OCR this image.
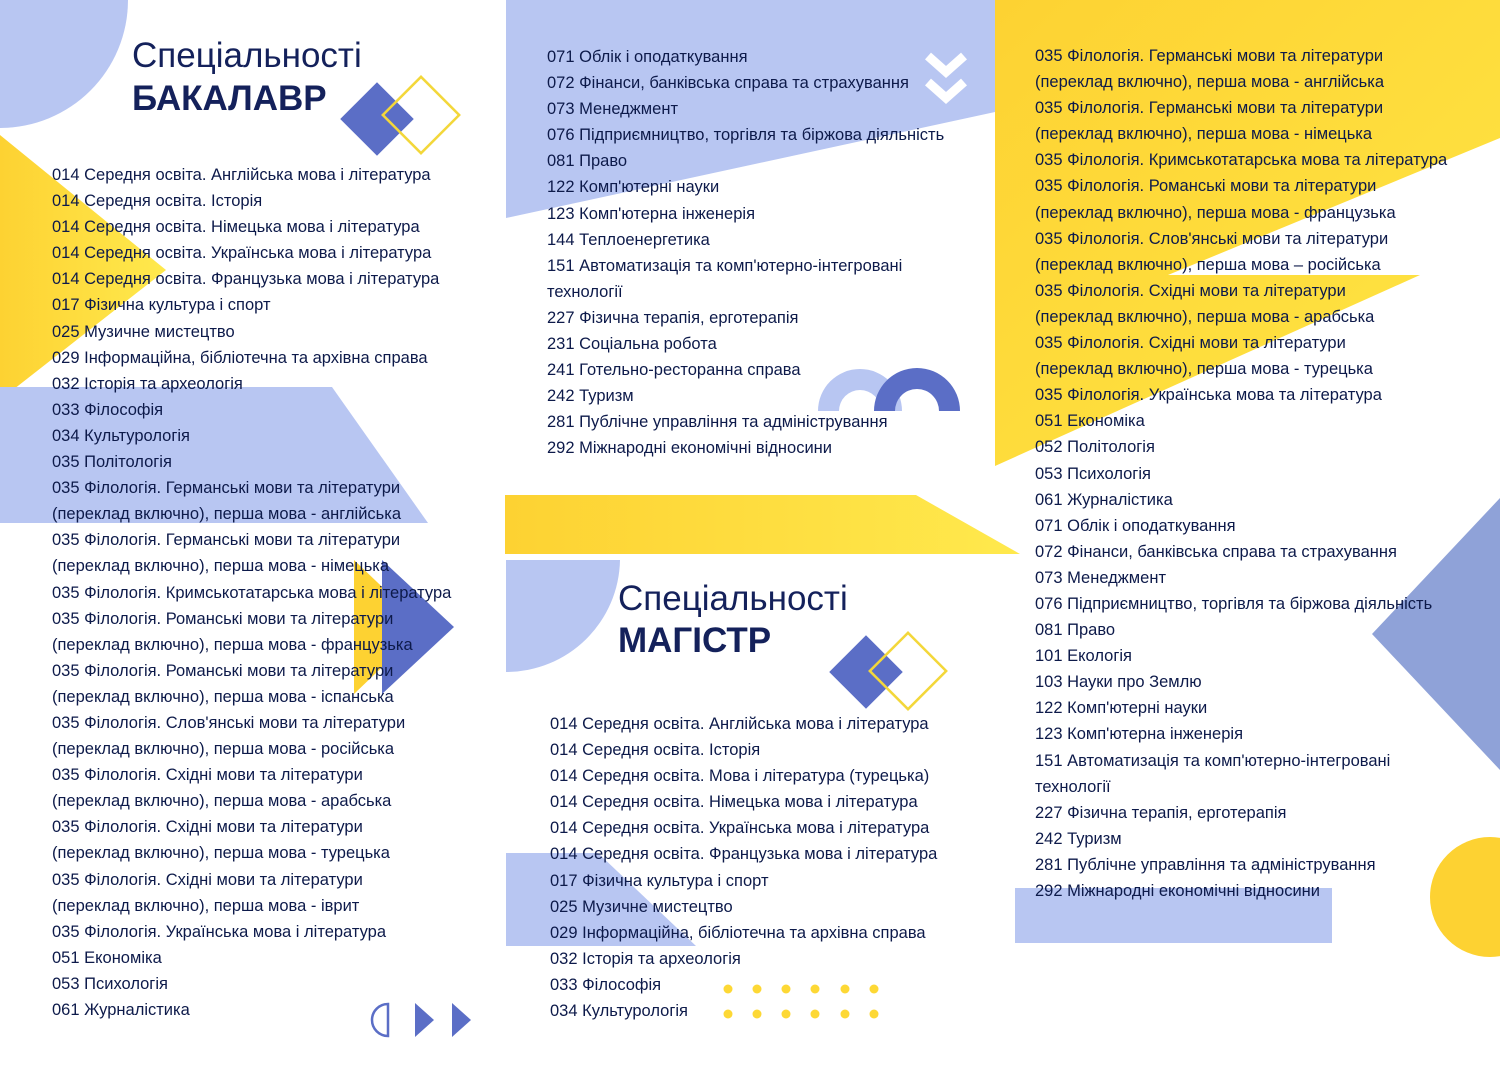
Спеціальності
БАКАЛАВР
014 Середня освіта. Англійська мова і література
014 Середня освіта. Історія
014 Середня освіта. Німецька мова і література
014 Середня освіта. Українська мова і література
014 Середня освіта. Французька мова і література
017 Фізична культура і спорт
025 Музичне мистецтво
029 Інформаційна, бібліотечна та архівна справа
032 Історія та археологія
033 Філософія
034 Культурологія
035 Політологія
035 Філологія. Германські мови та літератури
(переклад включно), перша мова - англійська
035 Філологія. Германські мови та літератури
(переклад включно), перша мова - німецька
035 Філологія. Кримськотатарська мова і література
035 Філологія. Романські мови та літератури
(переклад включно), перша мова - французька
035 Філологія. Романські мови та літератури
(переклад включно), перша мова - іспанська
035 Філологія. Слов'янські мови та літератури
(переклад включно), перша мова - російська
035 Філологія. Східні мови та літератури
(переклад включно), перша мова - арабська
035 Філологія. Східні мови та літератури
(переклад включно), перша мова - турецька
035 Філологія. Східні мови та літератури
(переклад включно), перша мова - іврит
035 Філологія. Українська мова і література
051 Економіка
053 Психологія
061 Журналістика
071 Облік і оподаткування
072 Фінанси, банківська справа та страхування
073 Менеджмент
076 Підприємництво, торгівля та біржова діяльність
081 Право
122 Комп'ютерні науки
123 Комп'ютерна інженерія
144 Теплоенергетика
151 Автоматизація та комп'ютерно-інтегровані
технології
227 Фізична терапія, ерготерапія
231 Соціальна робота
241 Готельно-ресторанна справа
242 Туризм
281 Публічне управління та адміністрування
292 Міжнародні економічні відносини
Спеціальності
МАГІСТР
014 Середня освіта. Англійська мова і література
014 Середня освіта. Історія
014 Середня освіта. Мова і література (турецька)
014 Середня освіта. Німецька мова і література
014 Середня освіта. Українська мова і література
014 Середня освіта. Французька мова і література
017 Фізична культура і спорт
025 Музичне мистецтво
029 Інформаційна, бібліотечна та архівна справа
032 Історія та археологія
033 Філософія
034 Культурологія
035 Філологія. Германські мови та літератури
(переклад включно), перша мова - англійська
035 Філологія. Германські мови та літератури
(переклад включно), перша мова - німецька
035 Філологія. Кримськотатарська мова та література
035 Філологія. Романські мови та літератури
(переклад включно), перша мова - французька
035 Філологія. Слов'янські мови та літератури
(переклад включно), перша мова – російська
035 Філологія. Східні мови та літератури
(переклад включно), перша мова - арабська
035 Філологія. Східні мови та літератури
(переклад включно), перша мова - турецька
035 Філологія. Українська мова та література
051 Економіка
052 Політологія
053 Психологія
061 Журналістика
071 Облік і оподаткування
072 Фінанси, банківська справа та страхування
073 Менеджмент
076 Підприємництво, торгівля та біржова діяльність
081 Право
101 Екологія
103 Науки про Землю
122 Комп'ютерні науки
123 Комп'ютерна інженерія
151 Автоматизація та комп'ютерно-інтегровані
технології
227 Фізична терапія, ерготерапія
242 Туризм
281 Публічне управління та адміністрування
292 Міжнародні економічні відносини
